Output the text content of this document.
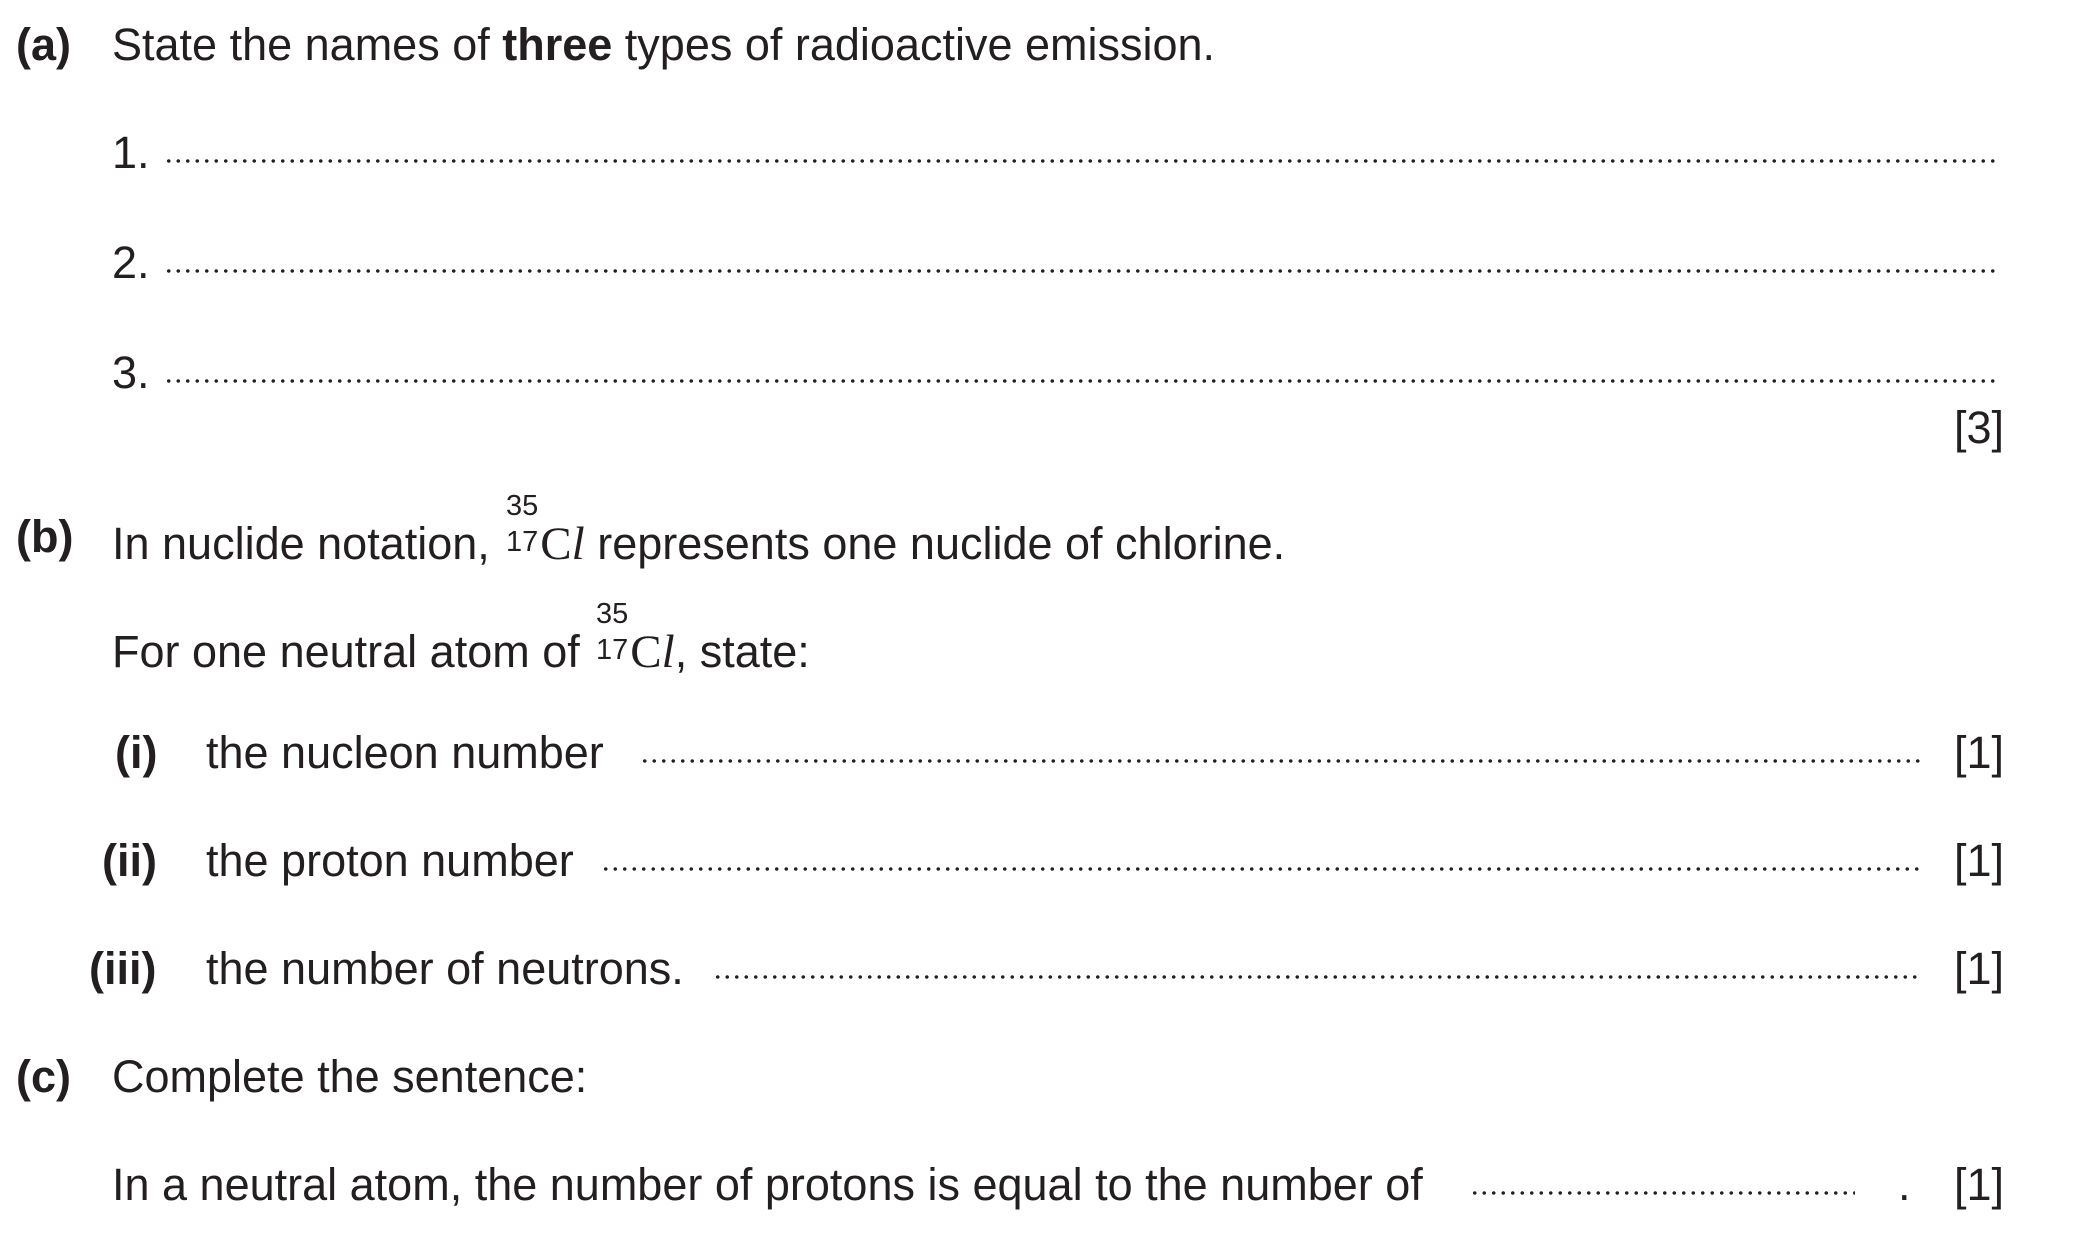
(a) State the names of three types of radioactive emission.
1.
2.
3.
[3]
(b) In nuclide notation,
35
17 Cl represents one nuclide of chlorine.
For one neutral atom of
35
17 Cl, state:
(i) the nucleon number	[1]
(ii) the proton number	[1]
(iii) the number of neutrons.	[1]
(c) Complete the sentence:
In a neutral atom, the number of protons is equal to the number of	. [1]
